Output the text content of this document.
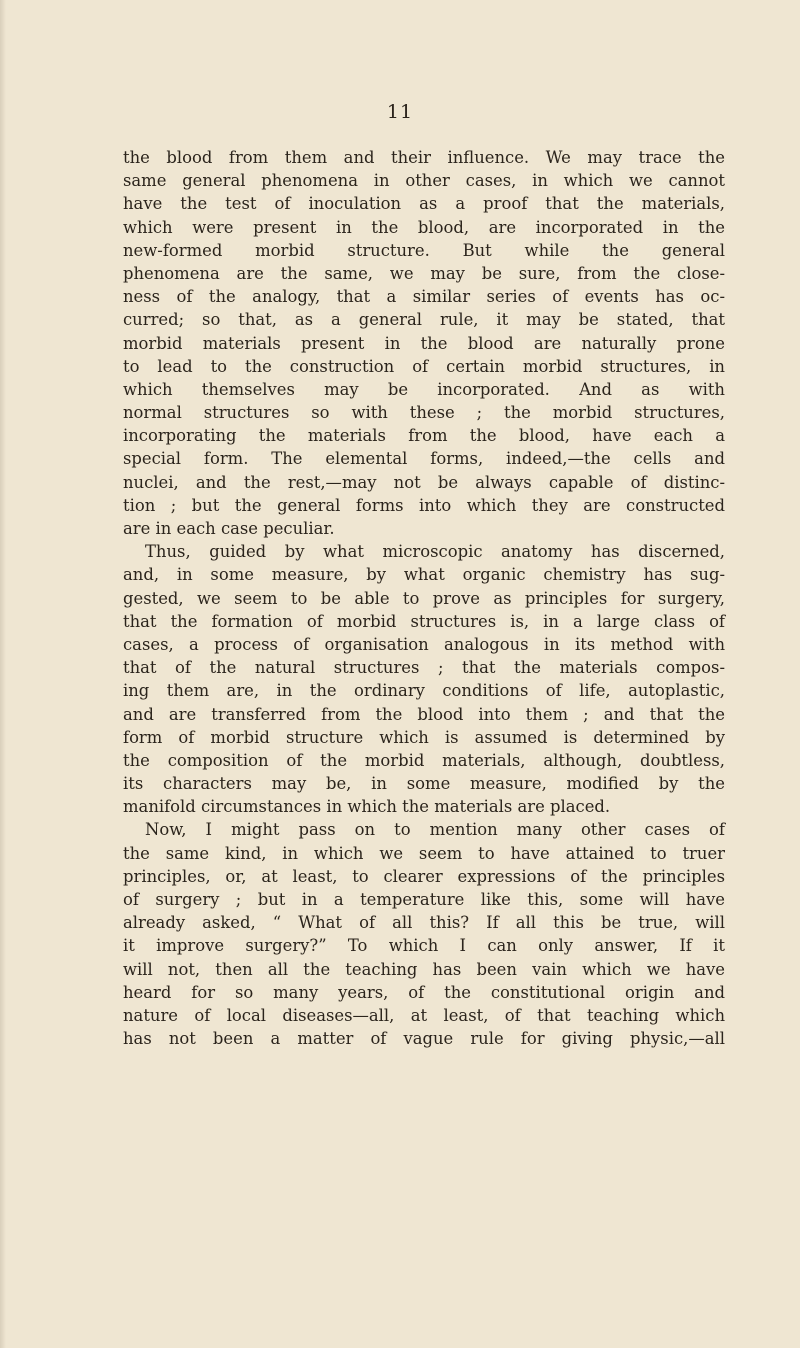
11
the blood from them and their influence. We may trace the
same general phenomena in other cases, in which we cannot
have the test of inoculation as a proof that the materials,
which were present in the blood, are incorporated in the
new-formed morbid structure. But while the general
phenomena are the same, we may be sure, from the close-
ness of the analogy, that a similar series of events has oc-
curred; so that, as a general rule, it may be stated, that
morbid materials present in the blood are naturally prone
to lead to the construction of certain morbid structures, in
which themselves may be incorporated. And as with
normal structures so with these ; the morbid structures,
incorporating the materials from the blood, have each a
special form. The elemental forms, indeed,—the cells and
nuclei, and the rest,—may not be always capable of distinc-
tion ; but the general forms into which they are constructed
are in each case peculiar.
Thus, guided by what microscopic anatomy has discerned,
and, in some measure, by what organic chemistry has sug-
gested, we seem to be able to prove as principles for surgery,
that the formation of morbid structures is, in a large class of
cases, a process of organisation analogous in its method with
that of the natural structures ; that the materials compos-
ing them are, in the ordinary conditions of life, autoplastic,
and are transferred from the blood into them ; and that the
form of morbid structure which is assumed is determined by
the composition of the morbid materials, although, doubtless,
its characters may be, in some measure, modified by the
manifold circumstances in which the materials are placed.
Now, I might pass on to mention many other cases of
the same kind, in which we seem to have attained to truer
principles, or, at least, to clearer expressions of the principles
of surgery ; but in a temperature like this, some will have
already asked, “ What of all this? If all this be true, will
it improve surgery?” To which I can only answer, If it
will not, then all the teaching has been vain which we have
heard for so many years, of the constitutional origin and
nature of local diseases—all, at least, of that teaching which
has not been a matter of vague rule for giving physic,—all
